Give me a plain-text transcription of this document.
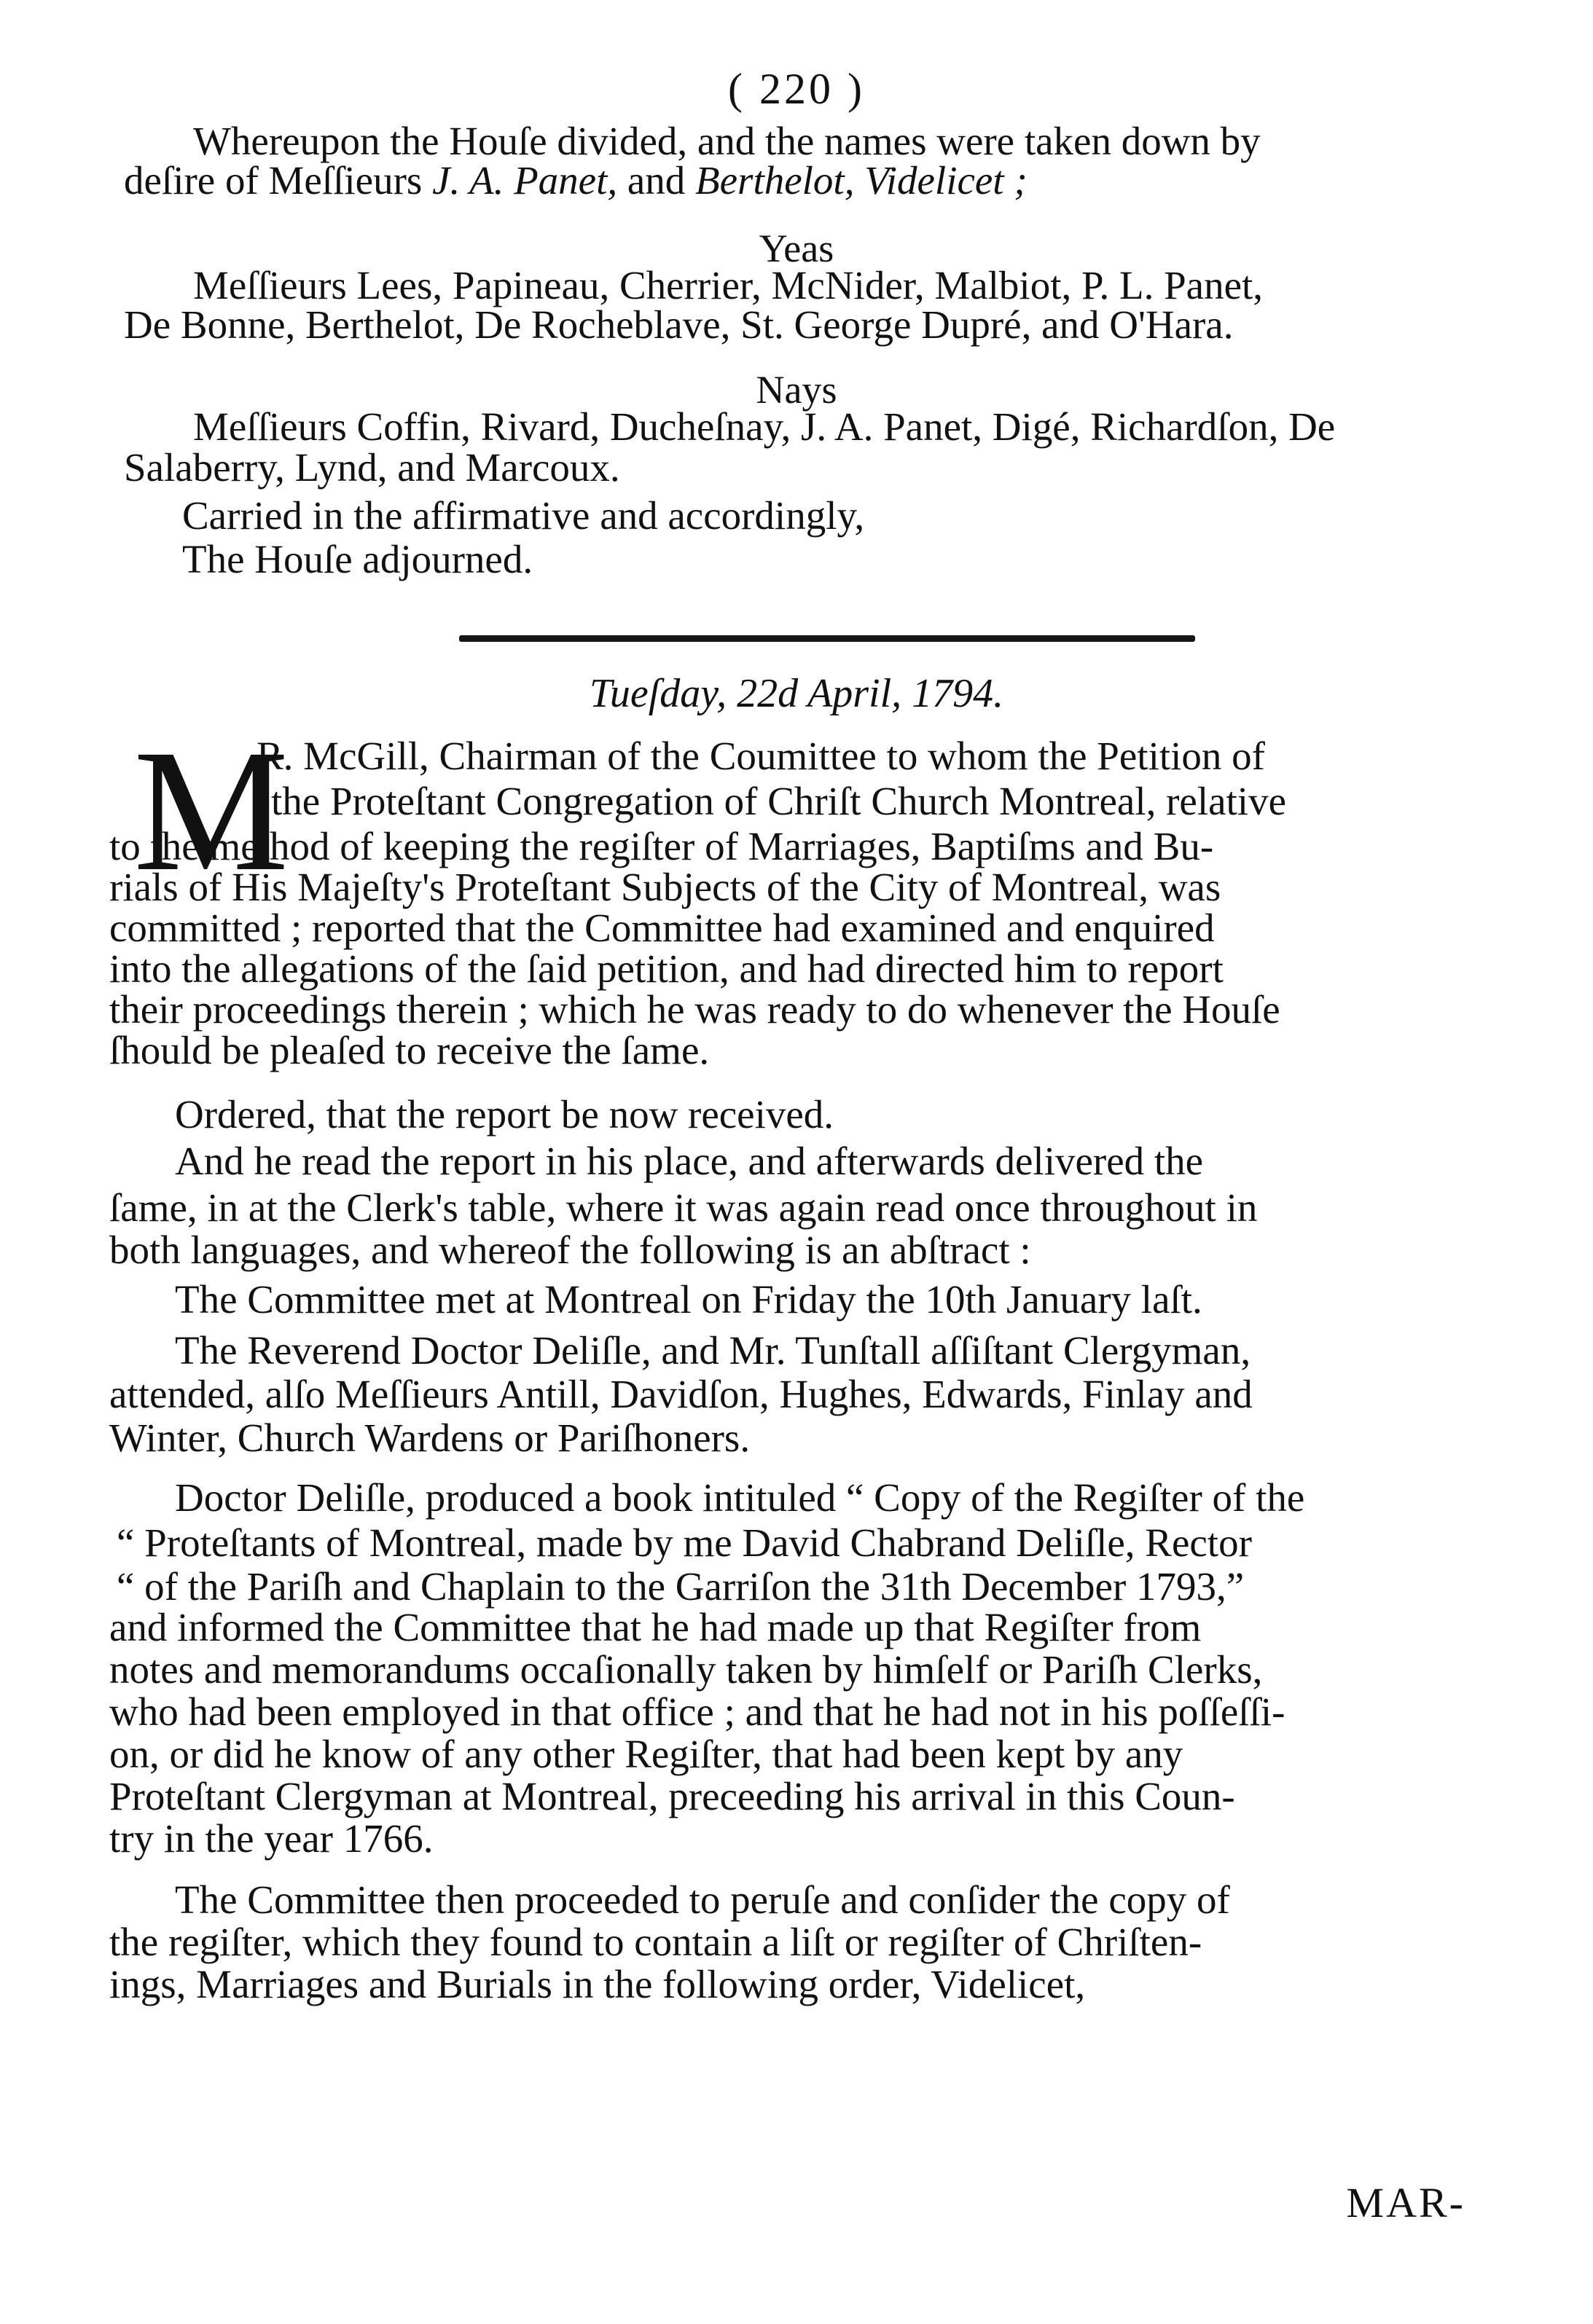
( 220 )
Whereupon the Houſe divided, and the names were taken down by
deſire of Meſſieurs J. A. Panet, and Berthelot, Videlicet ;
Yeas
Meſſieurs Lees, Papineau, Cherrier, McNider, Malbiot, P. L. Panet,
De Bonne, Berthelot, De Rocheblave, St. George Dupré, and O'Hara.
Nays
Meſſieurs Coffin, Rivard, Ducheſnay, J. A. Panet, Digé, Richardſon, De
Salaberry, Lynd, and Marcoux.
Carried in the affirmative and accordingly,
The Houſe adjourned.
Tueſday, 22d April, 1794.
M
R. McGill, Chairman of the Coumittee to whom the Petition of
the Proteſtant Congregation of Chriſt Church Montreal, relative
to the method of keeping the regiſter of Marriages, Baptiſms and Bu-
rials of His Majeſty's Proteſtant Subjects of the City of Montreal, was
committed ; reported that the Committee had examined and enquired
into the allegations of the ſaid petition, and had directed him to report
their proceedings therein ; which he was ready to do whenever the Houſe
ſhould be pleaſed to receive the ſame.
Ordered, that the report be now received.
And he read the report in his place, and afterwards delivered the
ſame, in at the Clerk's table, where it was again read once throughout in
both languages, and whereof the following is an abſtract :
The Committee met at Montreal on Friday the 10th January laſt.
The Reverend Doctor Deliſle, and Mr. Tunſtall aſſiſtant Clergyman,
attended, alſo Meſſieurs Antill, Davidſon, Hughes, Edwards, Finlay and
Winter, Church Wardens or Pariſhoners.
Doctor Deliſle, produced a book intituled “ Copy of the Regiſter of the
“ Proteſtants of Montreal, made by me David Chabrand Deliſle, Rector
“ of the Pariſh and Chaplain to the Garriſon the 31th December 1793,”
and informed the Committee that he had made up that Regiſter from
notes and memorandums occaſionally taken by himſelf or Pariſh Clerks,
who had been employed in that office ; and that he had not in his poſſeſſi-
on, or did he know of any other Regiſter, that had been kept by any
Proteſtant Clergyman at Montreal, preceeding his arrival in this Coun-
try in the year 1766.
The Committee then proceeded to peruſe and conſider the copy of
the regiſter, which they found to contain a liſt or regiſter of Chriſten-
ings, Marriages and Burials in the following order, Videlicet,
MAR-
